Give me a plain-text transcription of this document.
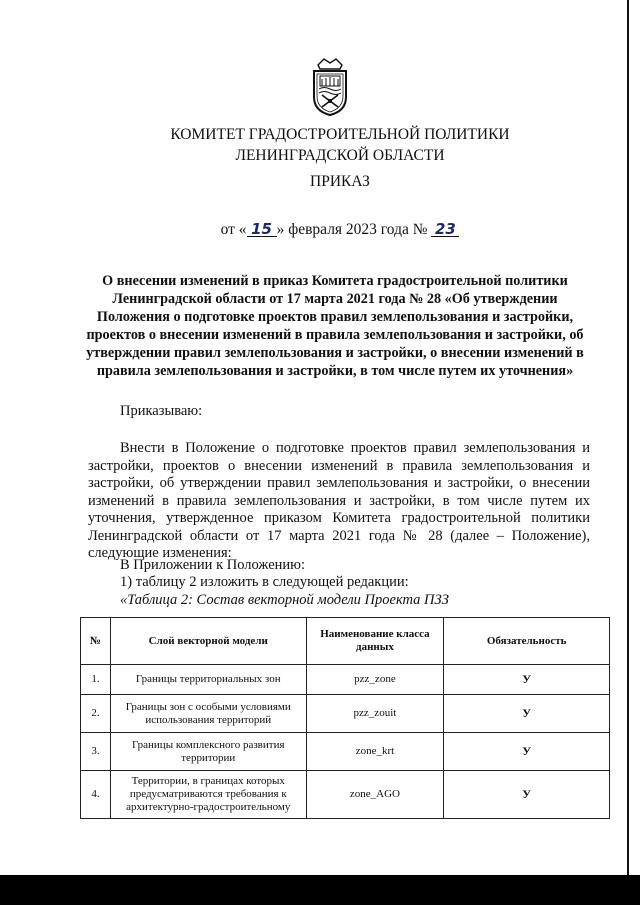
КОМИТЕТ ГРАДОСТРОИТЕЛЬНОЙ ПОЛИТИКИ
ЛЕНИНГРАДСКОЙ ОБЛАСТИ
ПРИКАЗ
от « 15 » февраля 2023 года № 23
О внесении изменений в приказ Комитета градостроительной политики Ленинградской области от 17 марта 2021 года № 28 «Об утверждении Положения о подготовке проектов правил землепользования и застройки, проектов о внесении изменений в правила землепользования и застройки, об утверждении правил землепользования и застройки, о внесении изменений в правила землепользования и застройки, в том числе путем их уточнения»
Приказываю:
Внести в Положение о подготовке проектов правил землепользования и застройки, проектов о внесении изменений в правила землепользования и застройки, об утверждении правил землепользования и застройки, о внесении изменений в правила землепользования и застройки, в том числе путем их уточнения, утвержденное приказом Комитета градостроительной политики Ленинградской области от 17 марта 2021 года № 28 (далее – Положение), следующие изменения:
В Приложении к Положению:
1) таблицу 2 изложить в следующей редакции:
«Таблица 2: Состав векторной модели Проекта ПЗЗ
№	Слой векторной модели	Наименование класса данных	Обязательность
1.	Границы территориальных зон	pzz_zone	У
2.	Границы зон с особыми условиями использования территорий	pzz_zouit	У
3.	Границы комплексного развития территории	zone_krt	У
4.	Территории, в границах которых предусматриваются требования к архитектурно-градостроительному	zone_AGO	У
